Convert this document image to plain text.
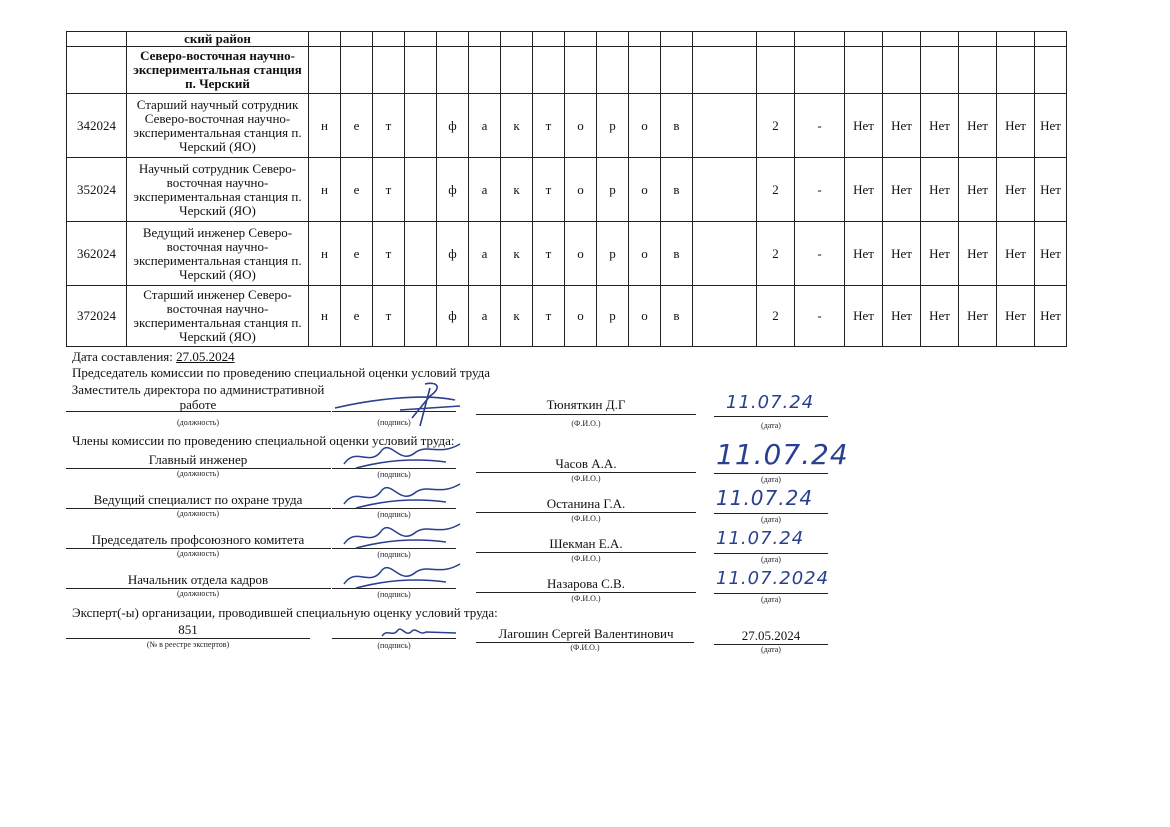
	ский район																					
	Северо-восточная научно-экспериментальная станция п. Черский																					
342024	Старший научный сотрудник Северо-восточная научно-экспериментальная станция п. Черский (ЯО)	н	е	т		ф	а	к	т	о	р	о	в		2	-	Нет	Нет	Нет	Нет	Нет	Нет
352024	Научный сотрудник Северо-восточная научно-экспериментальная станция п. Черский (ЯО)	н	е	т		ф	а	к	т	о	р	о	в		2	-	Нет	Нет	Нет	Нет	Нет	Нет
362024	Ведущий инженер Северо-восточная научно-экспериментальная станция п. Черский (ЯО)	н	е	т		ф	а	к	т	о	р	о	в		2	-	Нет	Нет	Нет	Нет	Нет	Нет
372024	Старший инженер Северо-восточная научно-экспериментальная станция п. Черский (ЯО)	н	е	т		ф	а	к	т	о	р	о	в		2	-	Нет	Нет	Нет	Нет	Нет	Нет
Дата составления: 27.05.2024
Председатель комиссии по проведению специальной оценки условий труда
Заместитель директора по административной работе	Тюняткин Д.Г
(должность)	(подпись)	(Ф.И.О.)	(дата)
11.07.24
Члены комиссии по проведению специальной оценки условий труда:
Главный инженер	Часов А.А.
(должность)	(подпись)	(Ф.И.О.)	(дата)
11.07.24
Ведущий специалист по охране труда	Останина Г.А.
(должность)	(подпись)	(Ф.И.О.)	(дата)
11.07.24
Председатель профсоюзного комитета	Шекман Е.А.
(должность)	(подпись)	(Ф.И.О.)	(дата)
11.07.24
Начальник отдела кадров	Назарова С.В.
(должность)	(подпись)	(Ф.И.О.)	(дата)
11.07.2024
Эксперт(-ы) организации, проводившей специальную оценку условий труда:
851	Лагошин Сергей Валентинович	27.05.2024
(№ в реестре экспертов)	(подпись)	(Ф.И.О.)	(дата)
